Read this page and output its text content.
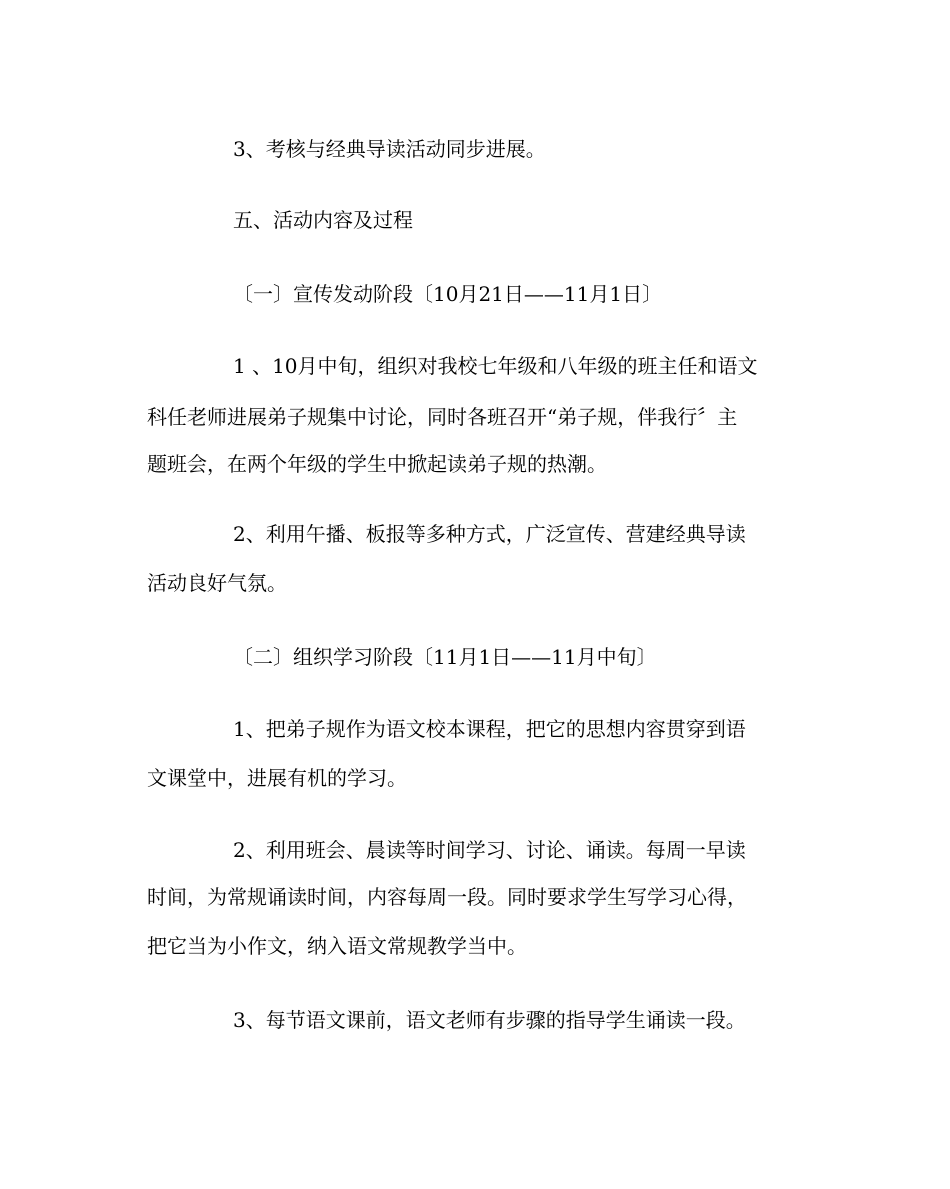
3、考核与经典导读活动同步进展。
五、活动内容及过程
〔一〕宣传发动阶段〔10月21日——11月1日〕
1 、10月中旬，组织对我校七年级和八年级的班主任和语文
科任老师进展弟子规集中讨论，同时各班召开“弟子规，伴我行〞主
题班会，在两个年级的学生中掀起读弟子规的热潮。
2、利用午播、板报等多种方式，广泛宣传、营建经典导读
活动良好气氛。
〔二〕组织学习阶段〔11月1日——11月中旬〕
1、把弟子规作为语文校本课程，把它的思想内容贯穿到语
文课堂中，进展有机的学习。
2、利用班会、晨读等时间学习、讨论、诵读。每周一早读
时间，为常规诵读时间，内容每周一段。同时要求学生写学习心得，
把它当为小作文，纳入语文常规教学当中。
3、每节语文课前，语文老师有步骤的指导学生诵读一段。
